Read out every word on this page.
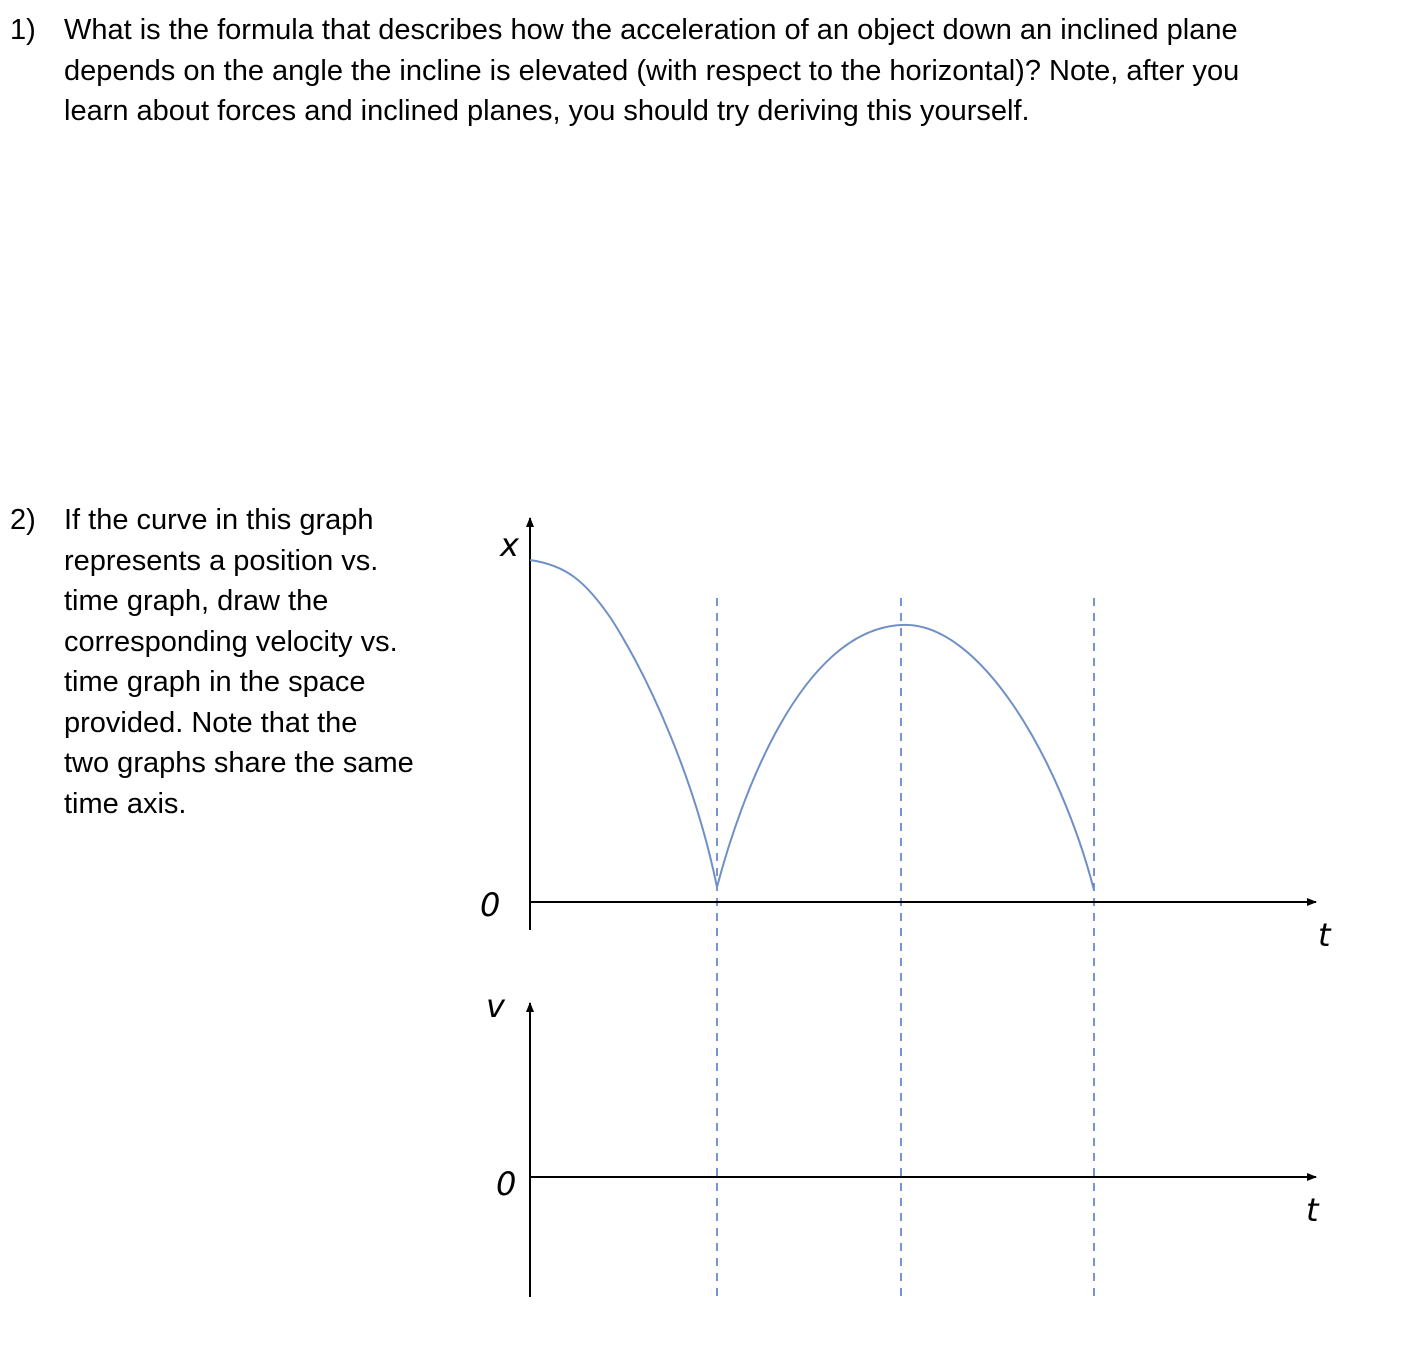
1) What is the formula that describes how the acceleration of an object down an inclined plane
depends on the angle the incline is elevated (with respect to the horizontal)? Note, after you
learn about forces and inclined planes, you should try deriving this yourself.
2) If the curve in this graph
represents a position vs.
time graph, draw the
corresponding velocity vs.
time graph in the space
provided. Note that the
two graphs share the same
time axis.
x
0
t
v
0
t
